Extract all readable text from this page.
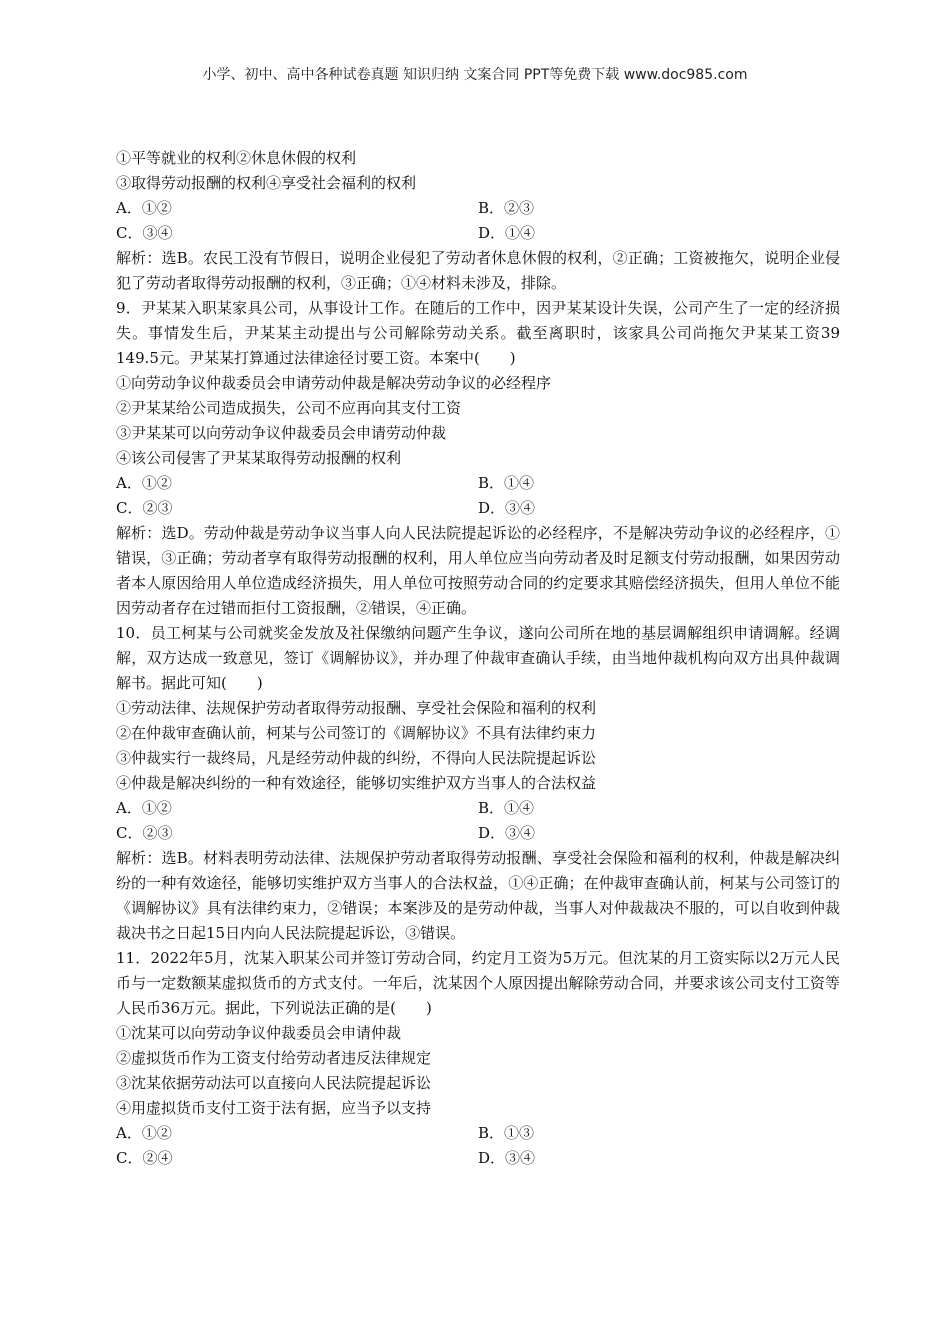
小学、初中、高中各种试卷真题 知识归纳 文案合同 PPT等免费下载 www.doc985.com
①平等就业的权利②休息休假的权利
③取得劳动报酬的权利④享受社会福利的权利
A．①②	B．②③
C．③④	D．①④
解析：选B。农民工没有节假日，说明企业侵犯了劳动者休息休假的权利，②正确；工资被拖欠，说明企业侵犯了劳动者取得劳动报酬的权利，③正确；①④材料未涉及，排除。
9．尹某某入职某家具公司，从事设计工作。在随后的工作中，因尹某某设计失误，公司产生了一定的经济损失。事情发生后，尹某某主动提出与公司解除劳动关系。截至离职时，该家具公司尚拖欠尹某某工资39 149.5元。尹某某打算通过法律途径讨要工资。本案中(　　)
①向劳动争议仲裁委员会申请劳动仲裁是解决劳动争议的必经程序
②尹某某给公司造成损失，公司不应再向其支付工资
③尹某某可以向劳动争议仲裁委员会申请劳动仲裁
④该公司侵害了尹某某取得劳动报酬的权利
A．①②	B．①④
C．②③	D．③④
解析：选D。劳动仲裁是劳动争议当事人向人民法院提起诉讼的必经程序，不是解决劳动争议的必经程序，①错误，③正确；劳动者享有取得劳动报酬的权利，用人单位应当向劳动者及时足额支付劳动报酬，如果因劳动者本人原因给用人单位造成经济损失，用人单位可按照劳动合同的约定要求其赔偿经济损失，但用人单位不能因劳动者存在过错而拒付工资报酬，②错误，④正确。
10．员工柯某与公司就奖金发放及社保缴纳问题产生争议，遂向公司所在地的基层调解组织申请调解。经调解，双方达成一致意见，签订《调解协议》，并办理了仲裁审查确认手续，由当地仲裁机构向双方出具仲裁调解书。据此可知(　　)
①劳动法律、法规保护劳动者取得劳动报酬、享受社会保险和福利的权利
②在仲裁审查确认前，柯某与公司签订的《调解协议》不具有法律约束力
③仲裁实行一裁终局，凡是经劳动仲裁的纠纷，不得向人民法院提起诉讼
④仲裁是解决纠纷的一种有效途径，能够切实维护双方当事人的合法权益
A．①②	B．①④
C．②③	D．③④
解析：选B。材料表明劳动法律、法规保护劳动者取得劳动报酬、享受社会保险和福利的权利，仲裁是解决纠纷的一种有效途径，能够切实维护双方当事人的合法权益，①④正确；在仲裁审查确认前，柯某与公司签订的《调解协议》具有法律约束力，②错误；本案涉及的是劳动仲裁，当事人对仲裁裁决不服的，可以自收到仲裁裁决书之日起15日内向人民法院提起诉讼，③错误。
11．2022年5月，沈某入职某公司并签订劳动合同，约定月工资为5万元。但沈某的月工资实际以2万元人民币与一定数额某虚拟货币的方式支付。一年后，沈某因个人原因提出解除劳动合同，并要求该公司支付工资等人民币36万元。据此，下列说法正确的是(　　)
①沈某可以向劳动争议仲裁委员会申请仲裁
②虚拟货币作为工资支付给劳动者违反法律规定
③沈某依据劳动法可以直接向人民法院提起诉讼
④用虚拟货币支付工资于法有据，应当予以支持
A．①②	B．①③
C．②④	D．③④
